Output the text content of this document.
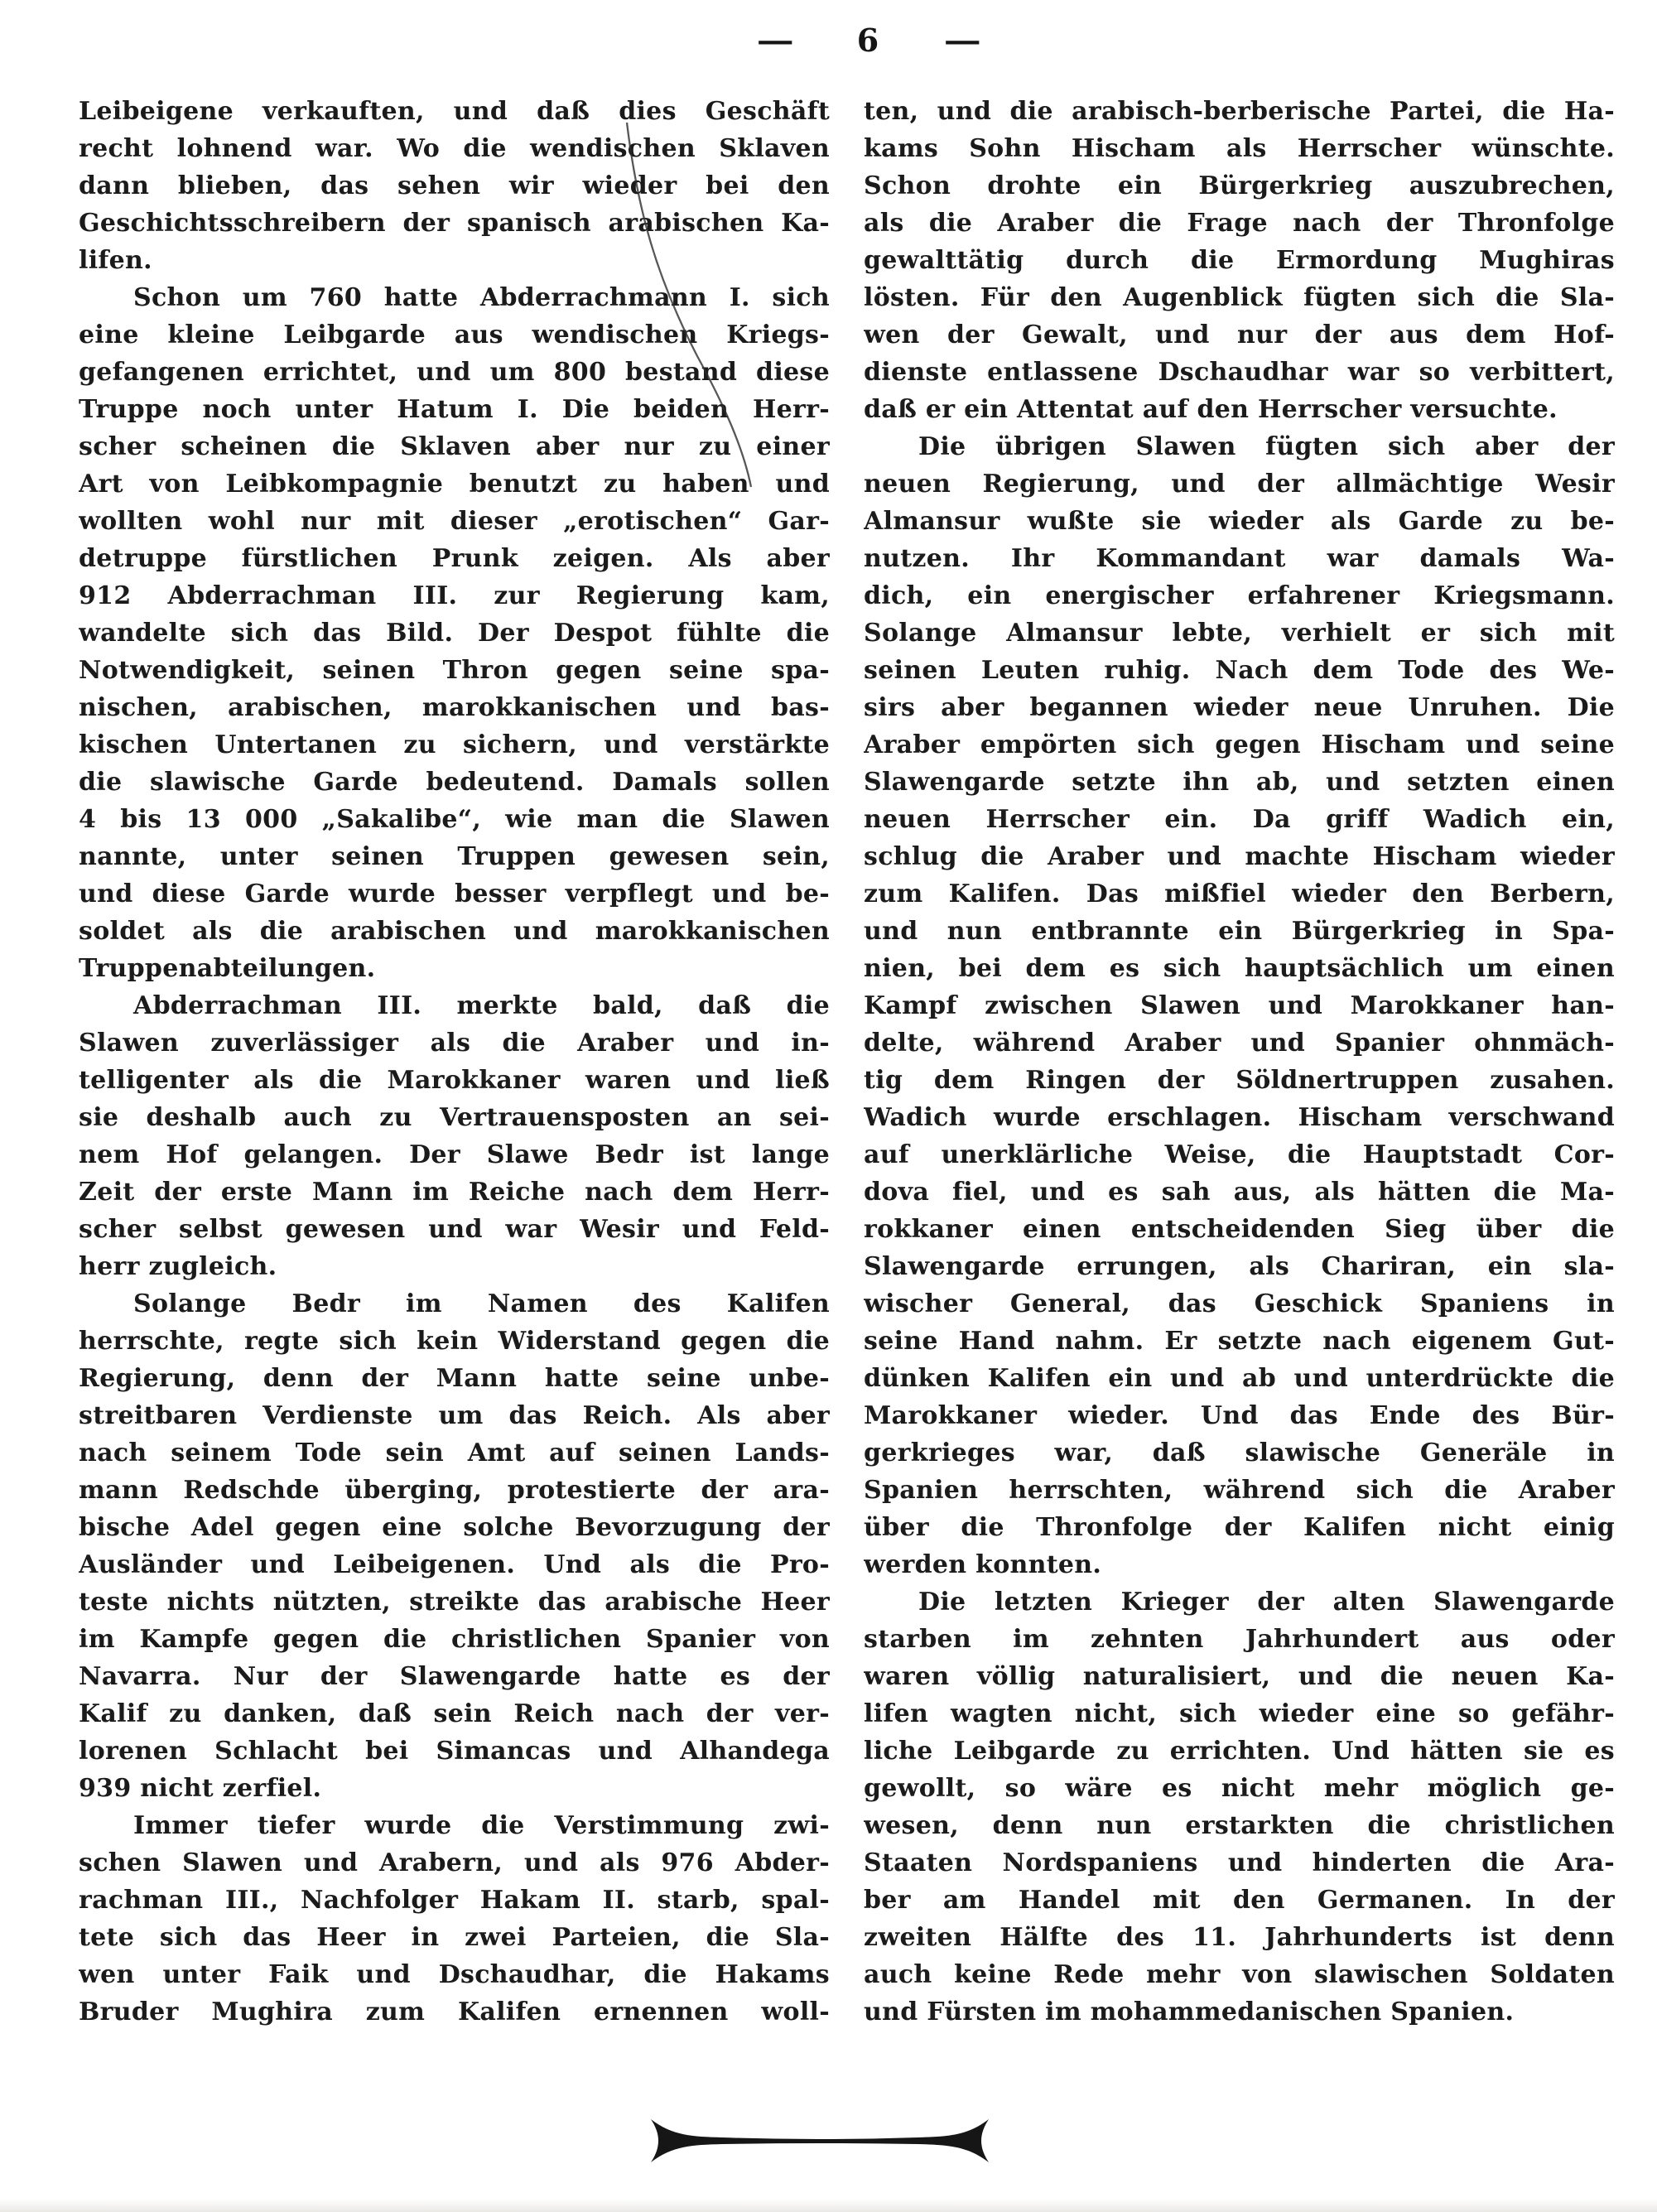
— 6 —
Leibeigene verkauften, und daß dies Geschäft
recht lohnend war. Wo die wendischen Sklaven
dann blieben, das sehen wir wieder bei den
Geschichtsschreibern der spanisch arabischen Ka-
lifen.
Schon um 760 hatte Abderrachmann I. sich
eine kleine Leibgarde aus wendischen Kriegs-
gefangenen errichtet, und um 800 bestand diese
Truppe noch unter Hatum I. Die beiden Herr-
scher scheinen die Sklaven aber nur zu einer
Art von Leibkompagnie benutzt zu haben und
wollten wohl nur mit dieser „erotischen“ Gar-
detruppe fürstlichen Prunk zeigen. Als aber
912 Abderrachman III. zur Regierung kam,
wandelte sich das Bild. Der Despot fühlte die
Notwendigkeit, seinen Thron gegen seine spa-
nischen, arabischen, marokkanischen und bas-
kischen Untertanen zu sichern, und verstärkte
die slawische Garde bedeutend. Damals sollen
4 bis 13 000 „Sakalibe“, wie man die Slawen
nannte, unter seinen Truppen gewesen sein,
und diese Garde wurde besser verpflegt und be-
soldet als die arabischen und marokkanischen
Truppenabteilungen.
Abderrachman III. merkte bald, daß die
Slawen zuverlässiger als die Araber und in-
telligenter als die Marokkaner waren und ließ
sie deshalb auch zu Vertrauensposten an sei-
nem Hof gelangen. Der Slawe Bedr ist lange
Zeit der erste Mann im Reiche nach dem Herr-
scher selbst gewesen und war Wesir und Feld-
herr zugleich.
Solange Bedr im Namen des Kalifen
herrschte, regte sich kein Widerstand gegen die
Regierung, denn der Mann hatte seine unbe-
streitbaren Verdienste um das Reich. Als aber
nach seinem Tode sein Amt auf seinen Lands-
mann Redschde überging, protestierte der ara-
bische Adel gegen eine solche Bevorzugung der
Ausländer und Leibeigenen. Und als die Pro-
teste nichts nützten, streikte das arabische Heer
im Kampfe gegen die christlichen Spanier von
Navarra. Nur der Slawengarde hatte es der
Kalif zu danken, daß sein Reich nach der ver-
lorenen Schlacht bei Simancas und Alhandega
939 nicht zerfiel.
Immer tiefer wurde die Verstimmung zwi-
schen Slawen und Arabern, und als 976 Abder-
rachman III., Nachfolger Hakam II. starb, spal-
tete sich das Heer in zwei Parteien, die Sla-
wen unter Faik und Dschaudhar, die Hakams
Bruder Mughira zum Kalifen ernennen woll-
ten, und die arabisch-berberische Partei, die Ha-
kams Sohn Hischam als Herrscher wünschte.
Schon drohte ein Bürgerkrieg auszubrechen,
als die Araber die Frage nach der Thronfolge
gewalttätig durch die Ermordung Mughiras
lösten. Für den Augenblick fügten sich die Sla-
wen der Gewalt, und nur der aus dem Hof-
dienste entlassene Dschaudhar war so verbittert,
daß er ein Attentat auf den Herrscher versuchte.
Die übrigen Slawen fügten sich aber der
neuen Regierung, und der allmächtige Wesir
Almansur wußte sie wieder als Garde zu be-
nutzen. Ihr Kommandant war damals Wa-
dich, ein energischer erfahrener Kriegsmann.
Solange Almansur lebte, verhielt er sich mit
seinen Leuten ruhig. Nach dem Tode des We-
sirs aber begannen wieder neue Unruhen. Die
Araber empörten sich gegen Hischam und seine
Slawengarde setzte ihn ab, und setzten einen
neuen Herrscher ein. Da griff Wadich ein,
schlug die Araber und machte Hischam wieder
zum Kalifen. Das mißfiel wieder den Berbern,
und nun entbrannte ein Bürgerkrieg in Spa-
nien, bei dem es sich hauptsächlich um einen
Kampf zwischen Slawen und Marokkaner han-
delte, während Araber und Spanier ohnmäch-
tig dem Ringen der Söldnertruppen zusahen.
Wadich wurde erschlagen. Hischam verschwand
auf unerklärliche Weise, die Hauptstadt Cor-
dova fiel, und es sah aus, als hätten die Ma-
rokkaner einen entscheidenden Sieg über die
Slawengarde errungen, als Chariran, ein sla-
wischer General, das Geschick Spaniens in
seine Hand nahm. Er setzte nach eigenem Gut-
dünken Kalifen ein und ab und unterdrückte die
Marokkaner wieder. Und das Ende des Bür-
gerkrieges war, daß slawische Generäle in
Spanien herrschten, während sich die Araber
über die Thronfolge der Kalifen nicht einig
werden konnten.
Die letzten Krieger der alten Slawengarde
starben im zehnten Jahrhundert aus oder
waren völlig naturalisiert, und die neuen Ka-
lifen wagten nicht, sich wieder eine so gefähr-
liche Leibgarde zu errichten. Und hätten sie es
gewollt, so wäre es nicht mehr möglich ge-
wesen, denn nun erstarkten die christlichen
Staaten Nordspaniens und hinderten die Ara-
ber am Handel mit den Germanen. In der
zweiten Hälfte des 11. Jahrhunderts ist denn
auch keine Rede mehr von slawischen Soldaten
und Fürsten im mohammedanischen Spanien.
